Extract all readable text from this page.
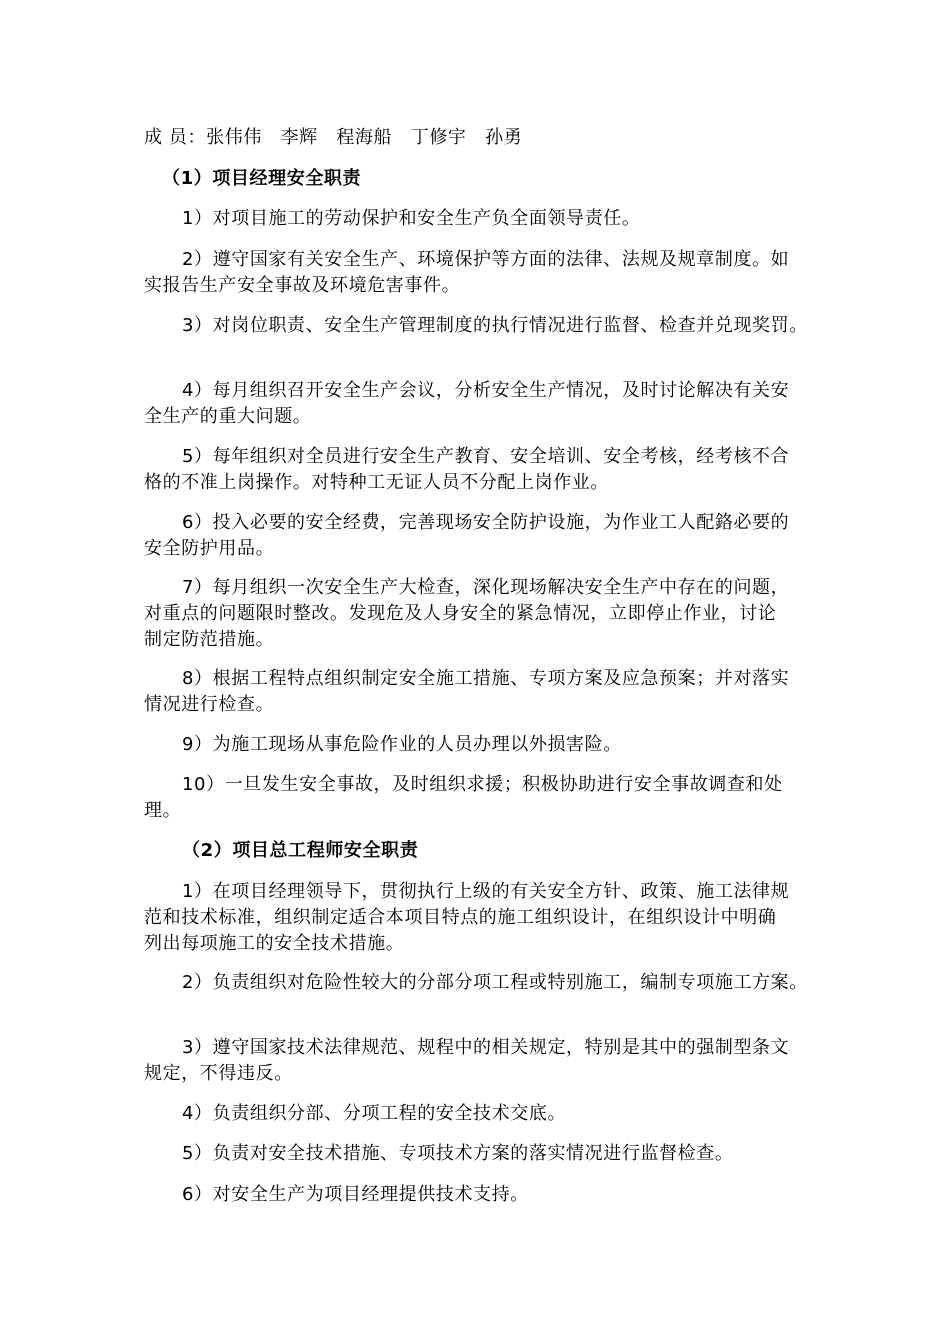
成 员：张伟伟　李辉　程海船　丁修宇　孙勇
（1）项目经理安全职责
1）对项目施工的劳动保护和安全生产负全面领导责任。
2）遵守国家有关安全生产、环境保护等方面的法律、法规及规章制度。如
实报告生产安全事故及环境危害事件。
3）对岗位职责、安全生产管理制度的执行情况进行监督、检查并兑现奖罚。
4）每月组织召开安全生产会议，分析安全生产情况，及时讨论解决有关安
全生产的重大问题。
5）每年组织对全员进行安全生产教育、安全培训、安全考核，经考核不合
格的不准上岗操作。对特种工无证人员不分配上岗作业。
6）投入必要的安全经费，完善现场安全防护设施，为作业工人配鉻必要的
安全防护用品。
7）每月组织一次安全生产大检查，深化现场解决安全生产中存在的问题，
对重点的问题限时整改。发现危及人身安全的紧急情况，立即停止作业，讨论
制定防范措施。
8）根据工程特点组织制定安全施工措施、专项方案及应急预案；并对落实
情况进行检查。
9）为施工现场从事危险作业的人员办理以外损害险。
10）一旦发生安全事故，及时组织求援；积极协助进行安全事故调查和处
理。
（2）项目总工程师安全职责
1）在项目经理领导下，贯彻执行上级的有关安全方针、政策、施工法律规
范和技术标准，组织制定适合本项目特点的施工组织设计，在组织设计中明确
列出每项施工的安全技术措施。
2）负责组织对危险性较大的分部分项工程或特别施工，编制专项施工方案。
3）遵守国家技术法律规范、规程中的相关规定，特别是其中的强制型条文
规定，不得违反。
4）负责组织分部、分项工程的安全技术交底。
5）负责对安全技术措施、专项技术方案的落实情况进行监督检查。
6）对安全生产为项目经理提供技术支持。
